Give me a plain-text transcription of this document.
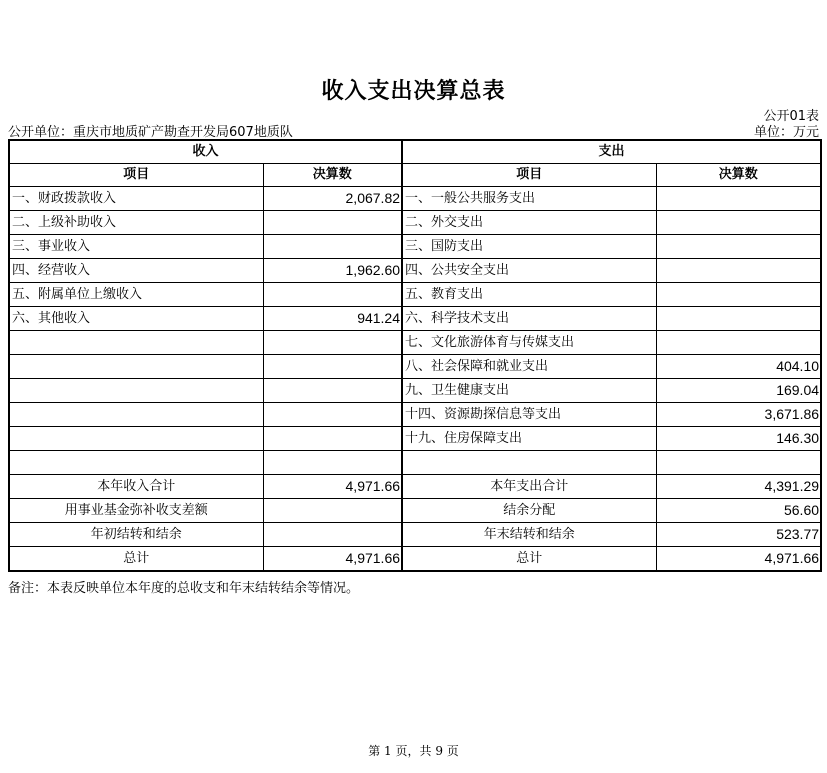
收入支出决算总表
公开01表
公开单位：重庆市地质矿产勘查开发局607地质队	单位：万元
收入		支出	
项目	决算数	项目	决算数
一、财政拨款收入	2,067.82	一、一般公共服务支出	
二、上级补助收入		二、外交支出	
三、事业收入		三、国防支出	
四、经营收入	1,962.60	四、公共安全支出	
五、附属单位上缴收入		五、教育支出	
六、其他收入	941.24	六、科学技术支出	
		七、文化旅游体育与传媒支出	
		八、社会保障和就业支出	404.10
		九、卫生健康支出	169.04
		十四、资源勘探信息等支出	3,671.86
		十九、住房保障支出	146.30

本年收入合计	4,971.66	本年支出合计	4,391.29
用事业基金弥补收支差额		结余分配	56.60
年初结转和结余		年末结转和结余	523.77
总计	4,971.66	总计	4,971.66
备注：本表反映单位本年度的总收支和年末结转结余等情况。
第 1 页，共 9 页
